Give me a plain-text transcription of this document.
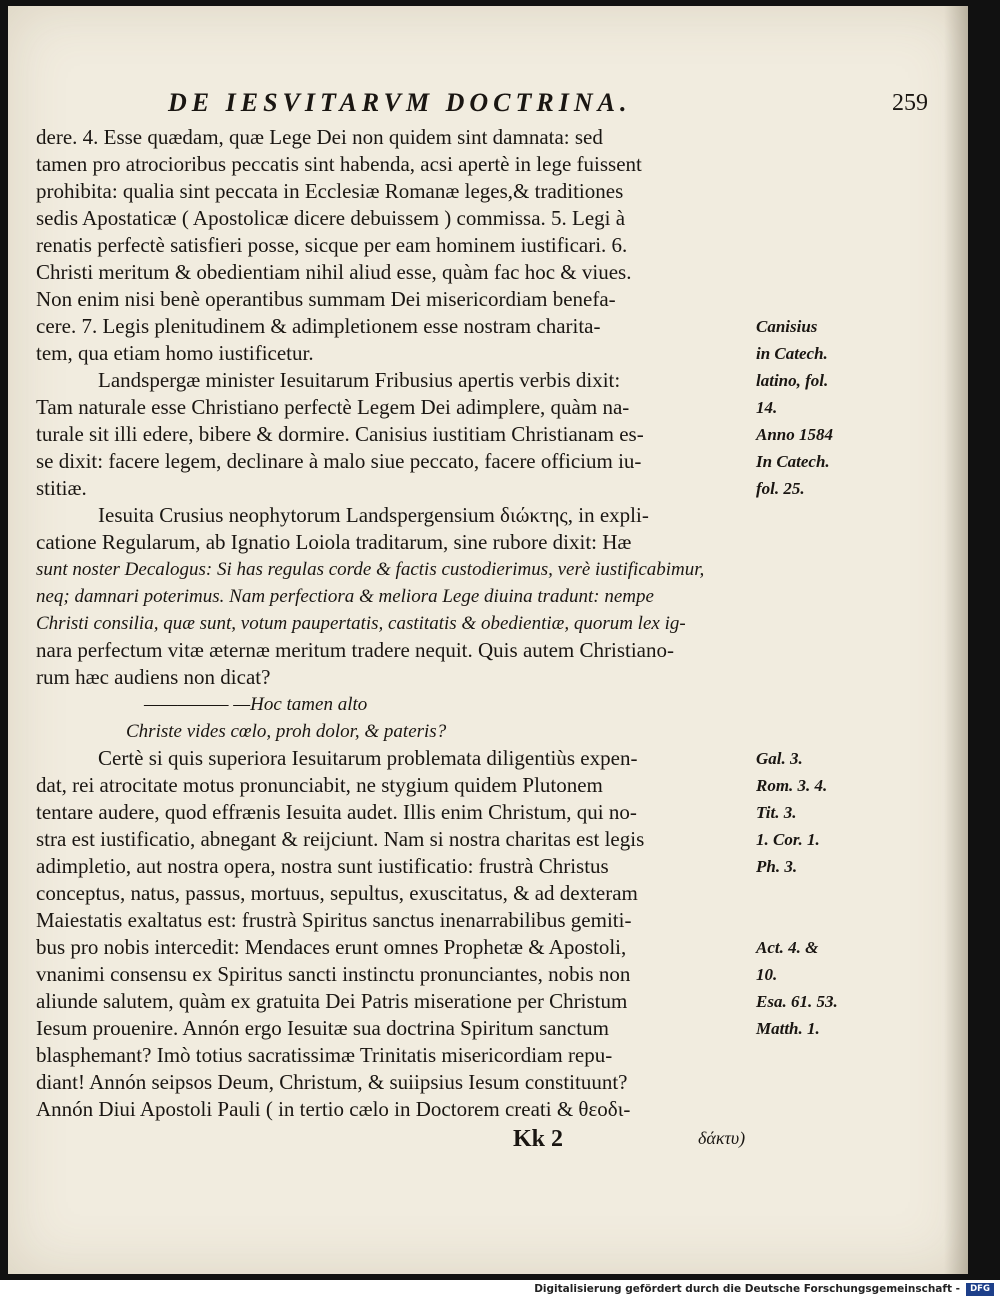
DE IESVITARVM DOCTRINA.	259
dere. 4. Esse quædam, quæ Lege Dei non quidem sint damnata: sed
tamen pro atrocioribus peccatis sint habenda, acsi apertè in lege fuissent
prohibita: qualia sint peccata in Ecclesiæ Romanæ leges,& traditiones
sedis Apostaticæ ( Apostolicæ dicere debuissem ) commissa. 5. Legi à
renatis perfectè satisfieri posse, sicque per eam hominem iustificari. 6.
Christi meritum & obedientiam nihil aliud esse, quàm fac hoc & viues.
Non enim nisi benè operantibus summam Dei misericordiam benefa-
cere. 7. Legis plenitudinem & adimpletionem esse nostram charita-
tem, qua etiam homo iustificetur.
Landspergæ minister Iesuitarum Fribusius apertis verbis dixit:
Tam naturale esse Christiano perfectè Legem Dei adimplere, quàm na-
turale sit illi edere, bibere & dormire. Canisius iustitiam Christianam es-
se dixit: facere legem, declinare à malo siue peccato, facere officium iu-
stitiæ.
Iesuita Crusius neophytorum Landspergensium διώκτης, in expli-
catione Regularum, ab Ignatio Loiola traditarum, sine rubore dixit: Hæ
sunt noster Decalogus: Si has regulas corde & factis custodierimus, verè iustificabimur,
neq; damnari poterimus. Nam perfectiora & meliora Lege diuina tradunt: nempe
Christi consilia, quæ sunt, votum paupertatis, castitatis & obedientiæ, quorum lex ig-
nara perfectum vitæ æternæ meritum tradere nequit. Quis autem Christiano-
rum hæc audiens non dicat?
————— —Hoc tamen alto
Christe vides cœlo, proh dolor, & pateris?
Certè si quis superiora Iesuitarum problemata diligentiùs expen-
dat, rei atrocitate motus pronunciabit, ne stygium quidem Plutonem
tentare audere, quod effrænis Iesuita audet. Illis enim Christum, qui no-
stra est iustificatio, abnegant & reijciunt. Nam si nostra charitas est legis
adimpletio, aut nostra opera, nostra sunt iustificatio: frustrà Christus
conceptus, natus, passus, mortuus, sepultus, exuscitatus, & ad dexteram
Maiestatis exaltatus est: frustrà Spiritus sanctus inenarrabilibus gemiti-
bus pro nobis intercedit: Mendaces erunt omnes Prophetæ & Apostoli,
vnanimi consensu ex Spiritus sancti instinctu pronunciantes, nobis non
aliunde salutem, quàm ex gratuita Dei Patris miseratione per Christum
Iesum prouenire. Annón ergo Iesuitæ sua doctrina Spiritum sanctum
blasphemant? Imò totius sacratissimæ Trinitatis misericordiam repu-
diant! Annón seipsos Deum, Christum, & suiipsius Iesum constituunt?
Annón Diui Apostoli Pauli ( in tertio cælo in Doctorem creati & θεοδι-
Canisius
in Catech.
latino, fol.
14.
Anno 1584
In Catech.
fol. 25.
Gal. 3.
Rom. 3. 4.
Tit. 3.
1. Cor. 1.
Ph. 3.
Act. 4. &
10.
Esa. 61. 53.
Matth. 1.
Kk 2	δάκτυ)
Digitalisierung gefördert durch die Deutsche Forschungsgemeinschaft -	DFG
